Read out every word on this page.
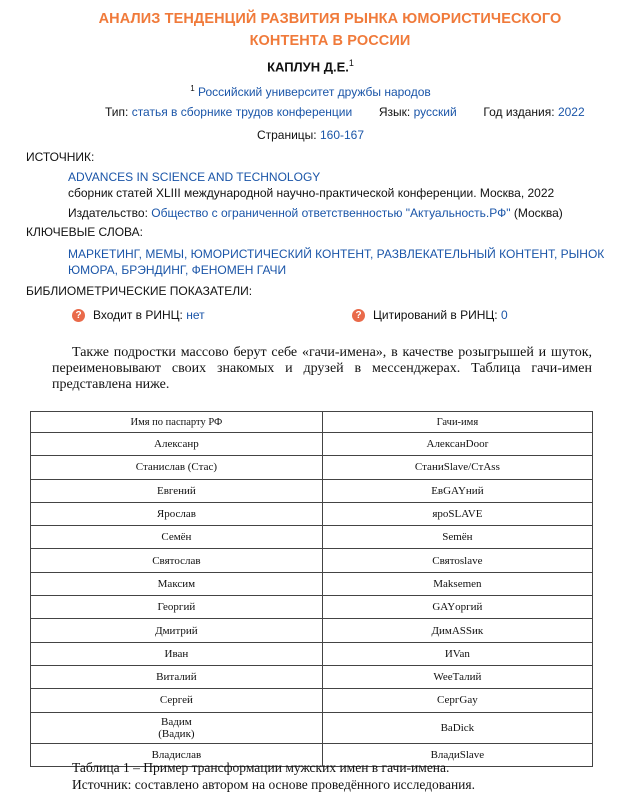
АНАЛИЗ ТЕНДЕНЦИЙ РАЗВИТИЯ РЫНКА ЮМОРИСТИЧЕСКОГО
КОНТЕНТА В РОССИИ
КАПЛУН Д.Е.$^1$
$^1$ Российский университет дружбы народов
Тип: статья в сборнике трудов конференции Язык: русский Год издания: 2022
Страницы: 160-167
ИСТОЧНИК:
ADVANCES IN SCIENCE AND TECHNOLOGY
сборник статей XLIII международной научно-практической конференции. Москва, 2022
Издательство: Общество с ограниченной ответственностью "Актуальность.РФ" (Москва)
КЛЮЧЕВЫЕ СЛОВА:
МАРКЕТИНГ, МЕМЫ, ЮМОРИСТИЧЕСКИЙ КОНТЕНТ, РАЗВЛЕКАТЕЛЬНЫЙ КОНТЕНТ, РЫНОК ЮМОРА, БРЭНДИНГ, ФЕНОМЕН ГАЧИ
БИБЛИОМЕТРИЧЕСКИЕ ПОКАЗАТЕЛИ:
? Входит в РИНЦ:
нет	? Цитирований в РИНЦ:
0
Также подростки массово берут себе «гачи-имена», в качестве розыгрышей и шуток, переименовывают своих знакомых и друзей в мессенджерах. Таблица гачи-имен представлена ниже.
Имя по паспарту РФ	Гачи-имя
Алексанр	АлексанDoor
Станислав (Стас)	СтаниSlave/CтAss
Евгений	ЕвGAYний
Ярослав	яроSLAVE
Семён	Semён
Святослав	Святоslave
Максим	Maksemen
Георгий	GAYоргий
Дмитрий	ДимASSик
Иван	ИVan
Виталий	WeeТалий
Сергей	СергGay
Вадим
(Вадик)	BaDick
Владислав	ВладиSlave
Таблица 1 – Пример трансформации мужских имен в гачи-имена.
Источник: составлено автором на основе проведённого исследования.
